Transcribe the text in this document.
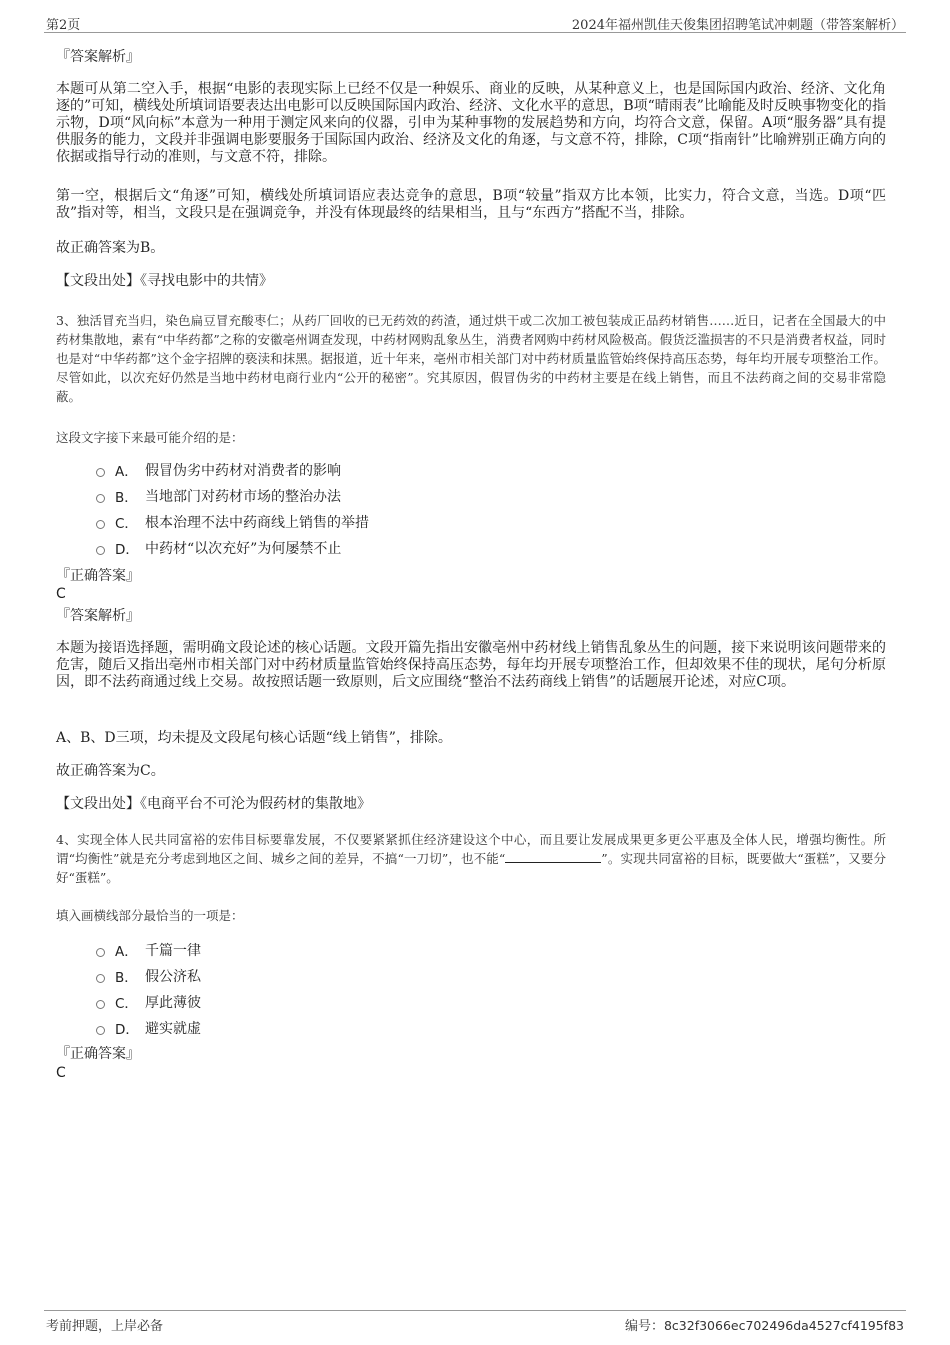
第2页	2024年福州凯佳天俊集团招聘笔试冲刺题（带答案解析）
『答案解析』
本题可从第二空入手，根据“电影的表现实际上已经不仅是一种娱乐、商业的反映，从某种意义上，也是国际国内政治、经济、文化角逐的”可知，横线处所填词语要表达出电影可以反映国际国内政治、经济、文化水平的意思，B项“晴雨表”比喻能及时反映事物变化的指示物，D项“风向标”本意为一种用于测定风来向的仪器，引申为某种事物的发展趋势和方向，均符合文意，保留。A项“服务器”具有提供服务的能力，文段并非强调电影要服务于国际国内政治、经济及文化的角逐，与文意不符，排除，C项“指南针”比喻辨别正确方向的依据或指导行动的准则，与文意不符，排除。
第一空，根据后文“角逐”可知，横线处所填词语应表达竞争的意思，B项“较量”指双方比本领，比实力，符合文意，当选。D项“匹敌”指对等，相当，文段只是在强调竞争，并没有体现最终的结果相当，且与“东西方”搭配不当，排除。
故正确答案为B。
【文段出处】《寻找电影中的共情》
3、独活冒充当归，染色扁豆冒充酸枣仁；从药厂回收的已无药效的药渣，通过烘干或二次加工被包装成正品药材销售……近日，记者在全国最大的中药材集散地，素有“中华药都”之称的安徽亳州调查发现，中药材网购乱象丛生，消费者网购中药材风险极高。假货泛滥损害的不只是消费者权益，同时也是对“中华药都”这个金字招牌的亵渎和抹黑。据报道，近十年来，亳州市相关部门对中药材质量监管始终保持高压态势，每年均开展专项整治工作。尽管如此，以次充好仍然是当地中药材电商行业内“公开的秘密”。究其原因，假冒伪劣的中药材主要是在线上销售，而且不法药商之间的交易非常隐蔽。
这段文字接下来最可能介绍的是：
A． 假冒伪劣中药材对消费者的影响
B． 当地部门对药材市场的整治办法
C． 根本治理不法中药商线上销售的举措
D． 中药材“以次充好”为何屡禁不止
『正确答案』
C
『答案解析』
本题为接语选择题，需明确文段论述的核心话题。文段开篇先指出安徽亳州中药材线上销售乱象丛生的问题，接下来说明该问题带来的危害，随后又指出亳州市相关部门对中药材质量监管始终保持高压态势，每年均开展专项整治工作，但却效果不佳的现状，尾句分析原因，即不法药商通过线上交易。故按照话题一致原则，后文应围绕“整治不法药商线上销售”的话题展开论述，对应C项。
A、B、D三项，均未提及文段尾句核心话题“线上销售”，排除。
故正确答案为C。
【文段出处】《电商平台不可沦为假药材的集散地》
4、实现全体人民共同富裕的宏伟目标要靠发展，不仅要紧紧抓住经济建设这个中心，而且要让发展成果更多更公平惠及全体人民，增强均衡性。所谓“均衡性”就是充分考虑到地区之间、城乡之间的差异，不搞“一刀切”，也不能“	”。实现共同富裕的目标，既要做大“蛋糕”，又要分好“蛋糕”。
填入画横线部分最恰当的一项是：
A． 千篇一律
B． 假公济私
C． 厚此薄彼
D． 避实就虚
『正确答案』
C
考前押题，上岸必备	编号：8c32f3066ec702496da4527cf4195f83
